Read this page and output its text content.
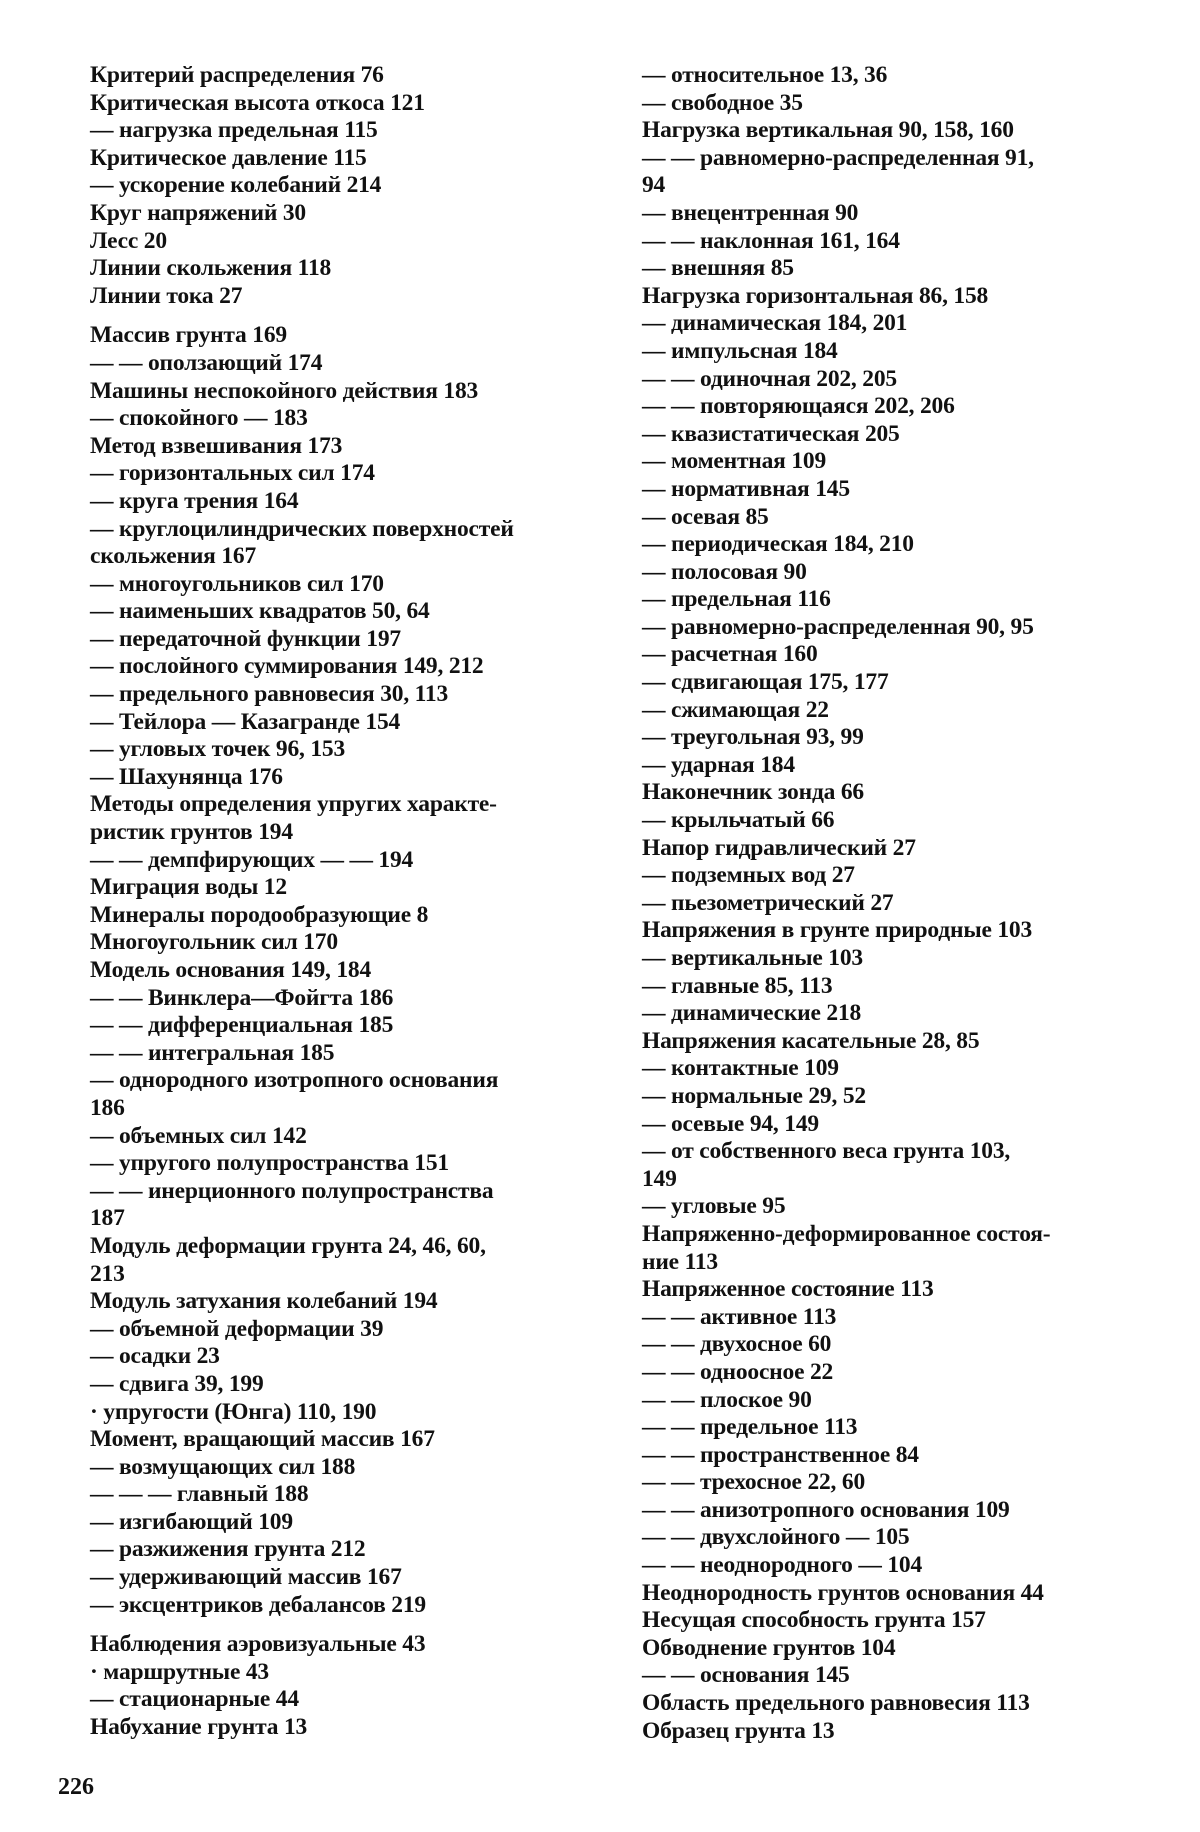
Критерий распределения 76
Критическая высота откоса 121
— нагрузка предельная 115
Критическое давление 115
— ускорение колебаний 214
Круг напряжений 30
Лесс 20
Линии скольжения 118
Линии тока 27
Массив грунта 169
— — оползающий 174
Машины неспокойного действия 183
— спокойного — 183
Метод взвешивания 173
— горизонтальных сил 174
— круга трения 164
— круглоцилиндрических поверхностей
скольжения 167
— многоугольников сил 170
— наименьших квадратов 50, 64
— передаточной функции 197
— послойного суммирования 149, 212
— предельного равновесия 30, 113
— Тейлора — Казагранде 154
— угловых точек 96, 153
— Шахунянца 176
Методы определения упругих характе-
ристик грунтов 194
— — демпфирующих — — 194
Миграция воды 12
Минералы породообразующие 8
Многоугольник сил 170
Модель основания 149, 184
— — Винклера—Фойгта 186
— — дифференциальная 185
— — интегральная 185
— однородного изотропного основания
186
— объемных сил 142
— упругого полупространства 151
— — инерционного полупространства
187
Модуль деформации грунта 24, 46, 60,
213
Модуль затухания колебаний 194
— объемной деформации 39
— осадки 23
— сдвига 39, 199
· упругости (Юнга) 110, 190
Момент, вращающий массив 167
— возмущающих сил 188
— — — главный 188
— изгибающий 109
— разжижения грунта 212
— удерживающий массив 167
— эксцентриков дебалансов 219
Наблюдения аэровизуальные 43
· маршрутные 43
— стационарные 44
Набухание грунта 13
— относительное 13, 36
— свободное 35
Нагрузка вертикальная 90, 158, 160
— — равномерно-распределенная 91,
94
— внецентренная 90
— — наклонная 161, 164
— внешняя 85
Нагрузка горизонтальная 86, 158
— динамическая 184, 201
— импульсная 184
— — одиночная 202, 205
— — повторяющаяся 202, 206
— квазистатическая 205
— моментная 109
— нормативная 145
— осевая 85
— периодическая 184, 210
— полосовая 90
— предельная 116
— равномерно-распределенная 90, 95
— расчетная 160
— сдвигающая 175, 177
— сжимающая 22
— треугольная 93, 99
— ударная 184
Наконечник зонда 66
— крыльчатый 66
Напор гидравлический 27
— подземных вод 27
— пьезометрический 27
Напряжения в грунте природные 103
— вертикальные 103
— главные 85, 113
— динамические 218
Напряжения касательные 28, 85
— контактные 109
— нормальные 29, 52
— осевые 94, 149
— от собственного веса грунта 103,
149
— угловые 95
Напряженно-деформированное состоя-
ние 113
Напряженное состояние 113
— — активное 113
— — двухосное 60
— — одноосное 22
— — плоское 90
— — предельное 113
— — пространственное 84
— — трехосное 22, 60
— — анизотропного основания 109
— — двухслойного — 105
— — неоднородного — 104
Неоднородность грунтов основания 44
Несущая способность грунта 157
Обводнение грунтов 104
— — основания 145
Область предельного равновесия 113
Образец грунта 13
226
